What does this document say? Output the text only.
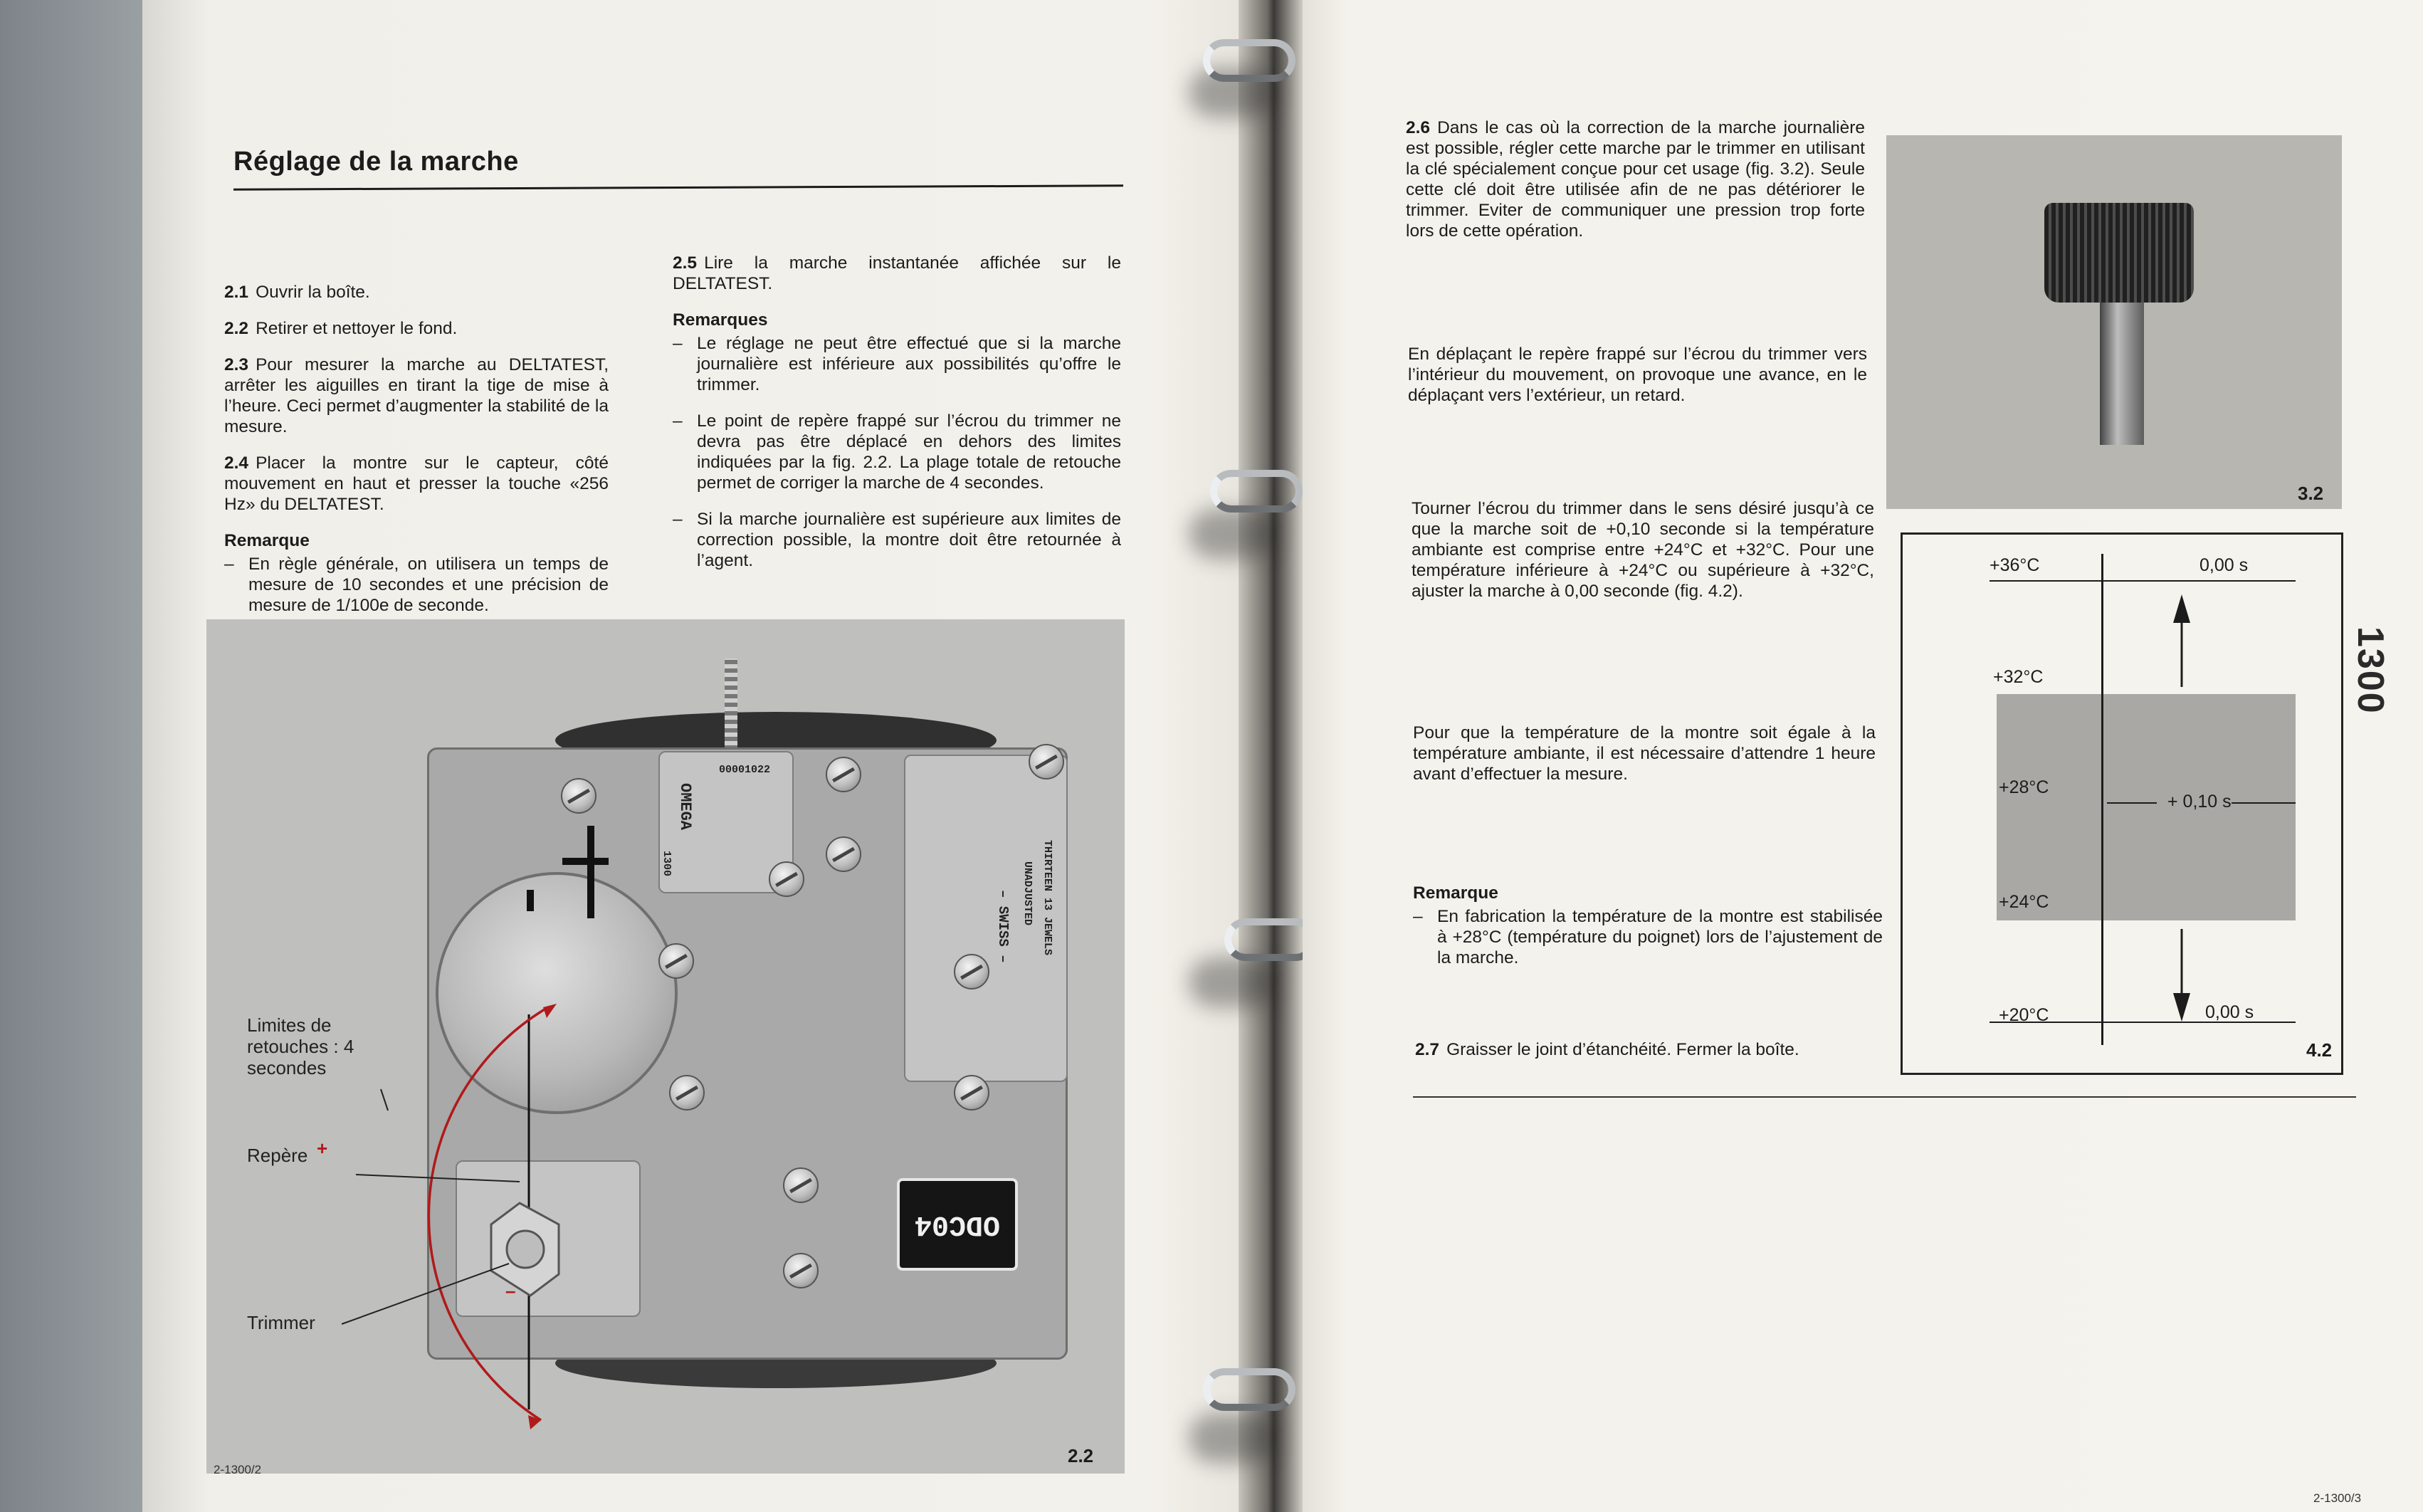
Réglage de la marche

2.1 Ouvrir la boîte.

2.2 Retirer et nettoyer le fond.

2.3 Pour mesurer la marche au DELTATEST, arrêter les aiguilles en tirant la tige de mise à l’heure. Ceci permet d’augmenter la stabilité de la mesure.

2.4 Placer la montre sur le capteur, côté mouvement en haut et presser la touche «256 Hz» du DELTATEST.

Remarque

– En règle générale, on utilisera un temps de mesure de 10 secondes et une précision de mesure de 1/100e de seconde.

2.5 Lire la marche instantanée affichée sur le DELTATEST.

Remarques

– Le réglage ne peut être effectué que si la marche journalière est inférieure aux possibilités qu’offre le trimmer.

– Le point de repère frappé sur l’écrou du trimmer ne devra pas être déplacé en dehors des limites indiquées par la fig. 2.2. La plage totale de retouche permet de corriger la marche de 4 secondes.

– Si la marche journalière est supérieure aux limites de correction possible, la montre doit être retournée à l’agent.

00001022
OMEGA
1300	THIRTEEN 13 JEWELS
UNADJUSTED
– SWISS –
ODC04
+
–
Limites de retouches : 4 secondes
Repère
Trimmer
2.2
2-1300/2

2.6 Dans le cas où la correction de la marche journalière est possible, régler cette marche par le trimmer en utilisant la clé spécialement conçue pour cet usage (fig. 3.2). Seule cette clé doit être utilisée afin de ne pas détériorer le trimmer. Eviter de communiquer une pression trop forte lors de cette opération.

En déplaçant le repère frappé sur l’écrou du trimmer vers l’intérieur du mouvement, on provoque une avance, en le déplaçant vers l’extérieur, un retard.
Tourner l’écrou du trimmer dans le sens désiré jusqu’à ce que la marche soit de +0,10 seconde si la température ambiante est comprise entre +24°C et +32°C. Pour une température inférieure à +24°C ou supérieure à +32°C, ajuster la marche à 0,00 seconde (fig. 4.2).
Pour que la température de la montre soit égale à la température ambiante, il est nécessaire d’attendre 1 heure avant d’effectuer la mesure.

Remarque

– En fabrication la température de la montre est stabilisée à +28°C (température du poignet) lors de l’ajustement de la marche.

2.7 Graisser le joint d’étanchéité. Fermer la boîte.
3.2
+36°C
+32°C
+28°C
+24°C
+20°C
0,00 s
+ 0,10 s
0,00 s
4.2
1300
2-1300/3
